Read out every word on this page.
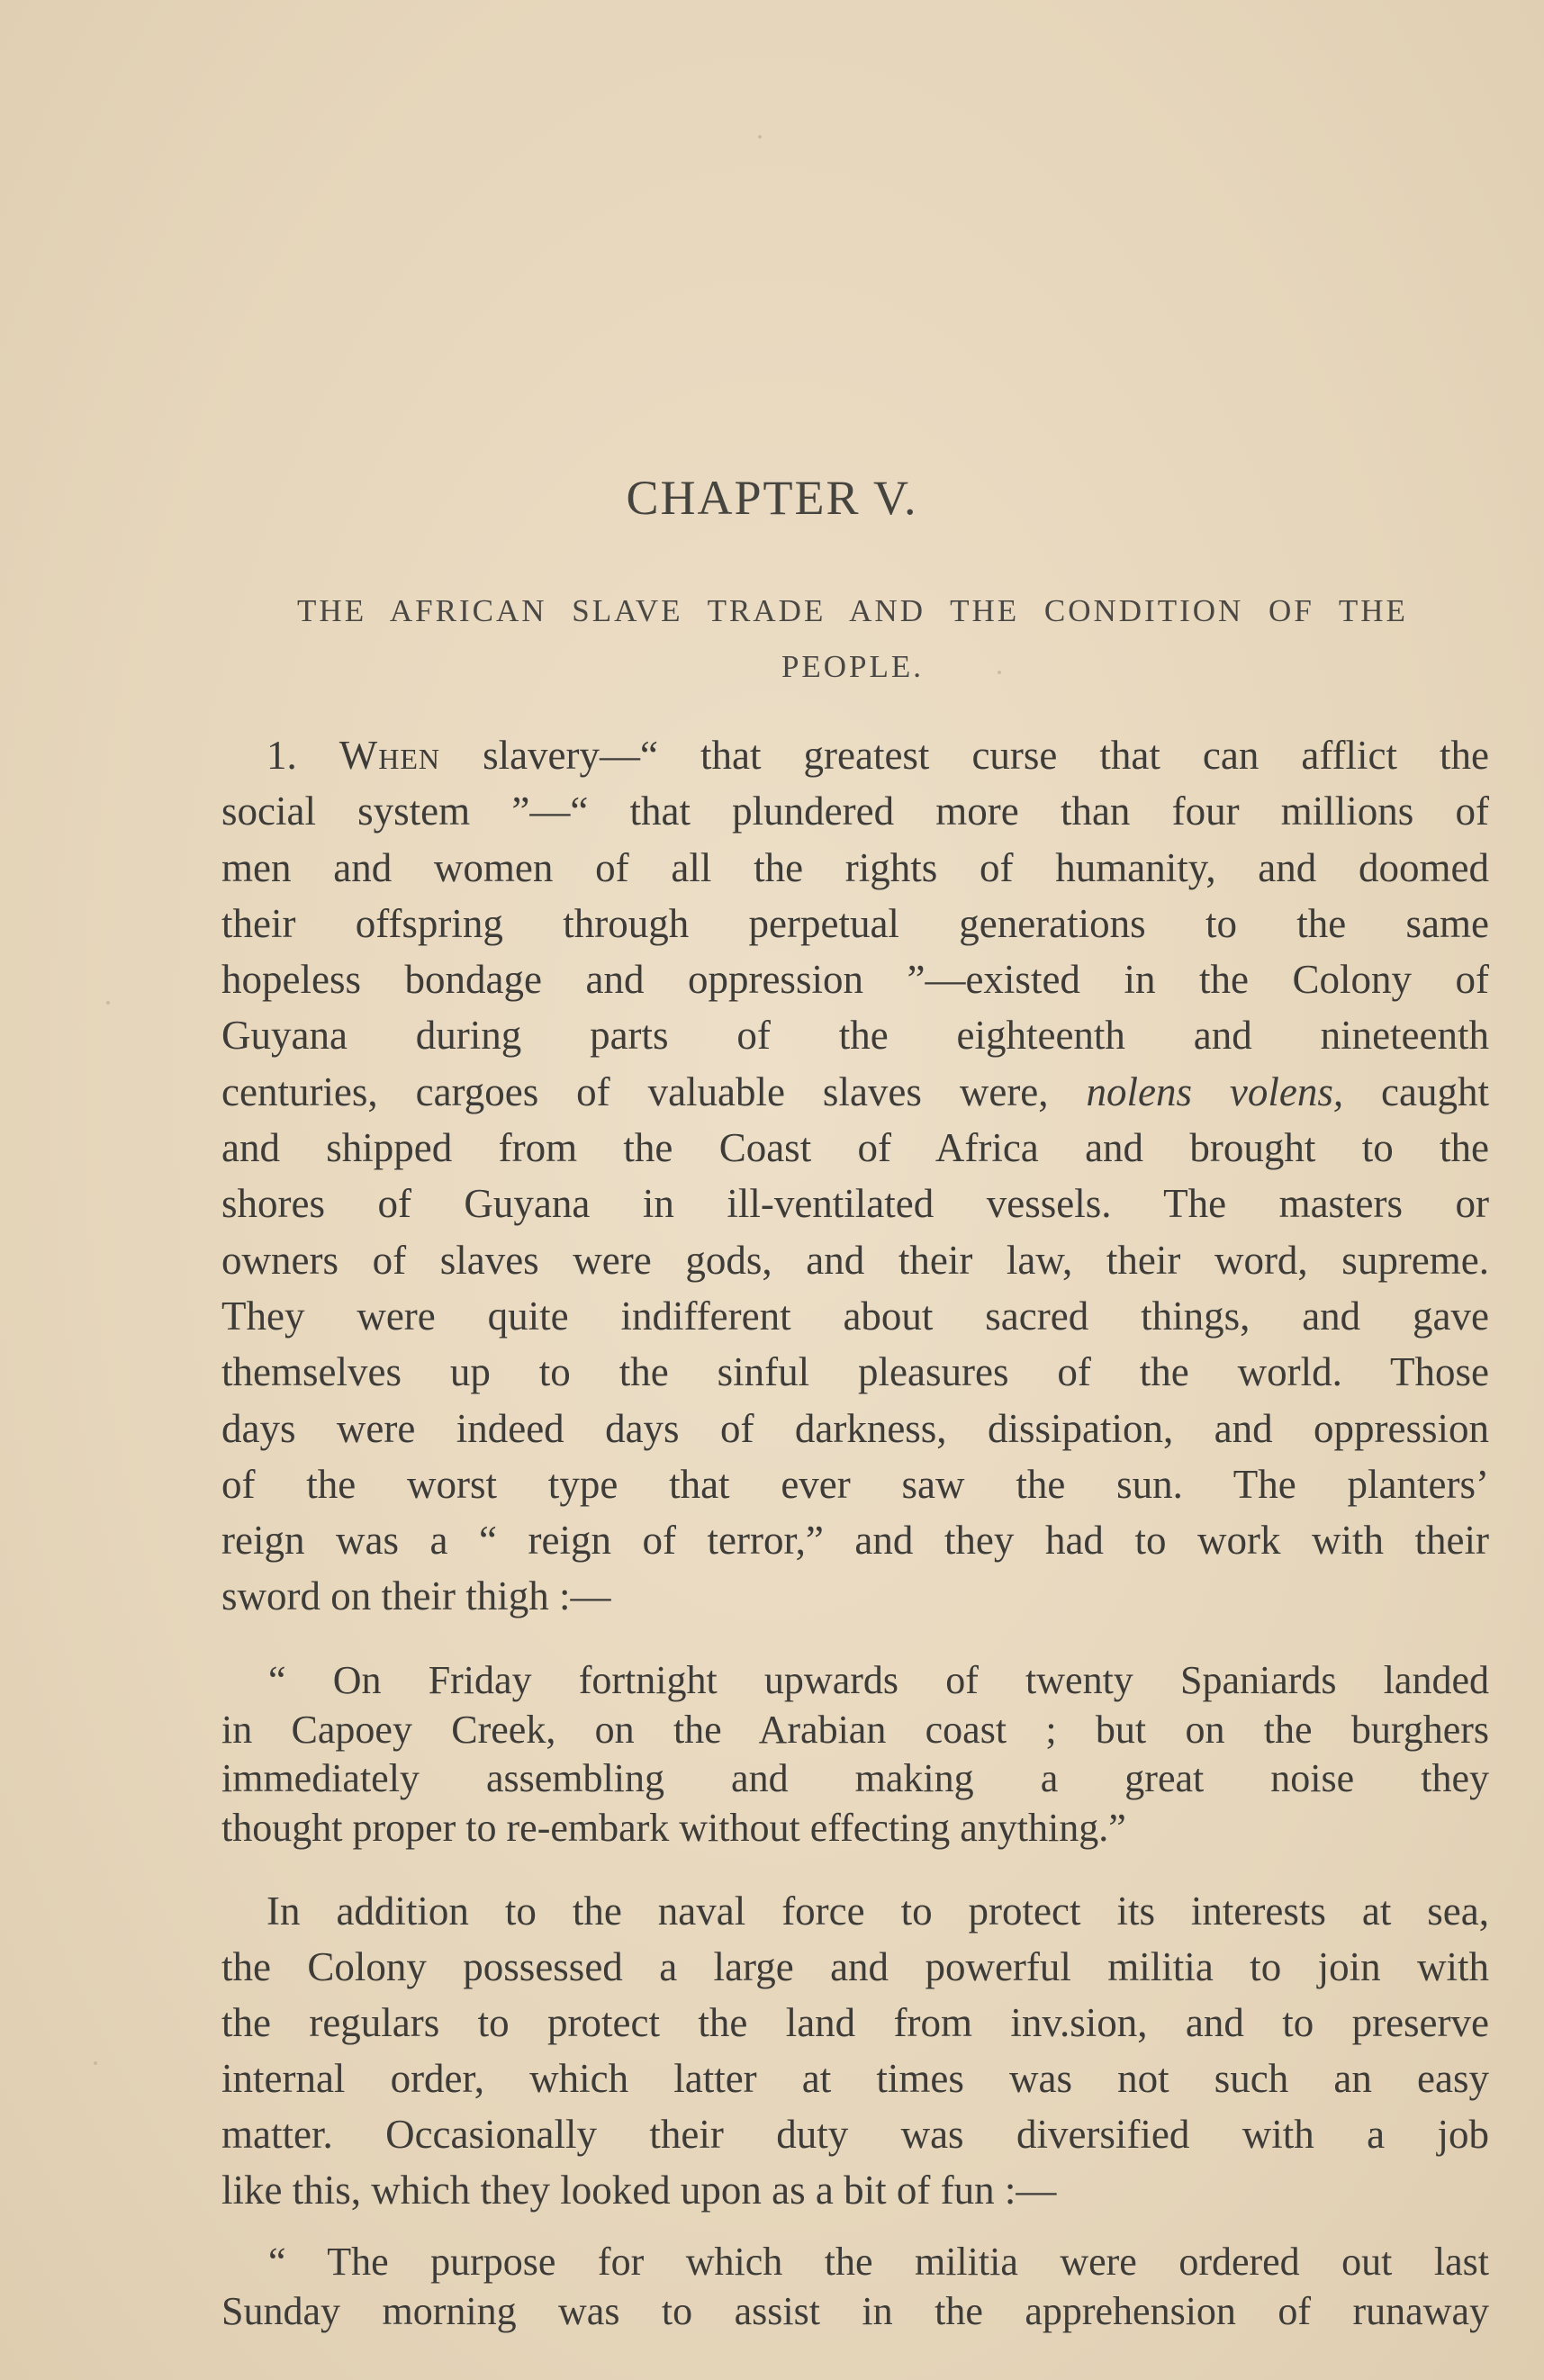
CHAPTER V.
THE AFRICAN SLAVE TRADE AND THE CONDITION OF THE
PEOPLE.
1. When slavery—“ that greatest curse that can afflict the
social system ”—“ that plundered more than four millions of
men and women of all the rights of humanity, and doomed
their offspring through perpetual generations to the same
hopeless bondage and oppression ”—existed in the Colony of
Guyana during parts of the eighteenth and nineteenth
centuries, cargoes of valuable slaves were, nolens volens, caught
and shipped from the Coast of Africa and brought to the
shores of Guyana in ill-ventilated vessels. The masters or
owners of slaves were gods, and their law, their word, supreme.
They were quite indifferent about sacred things, and gave
themselves up to the sinful pleasures of the world. Those
days were indeed days of darkness, dissipation, and oppression
of the worst type that ever saw the sun. The planters’
reign was a “ reign of terror,” and they had to work with their
sword on their thigh :—
“ On Friday fortnight upwards of twenty Spaniards landed
in Capoey Creek, on the Arabian coast ; but on the burghers
immediately assembling and making a great noise they
thought proper to re-embark without effecting anything.”
In addition to the naval force to protect its interests at sea,
the Colony possessed a large and powerful militia to join with
the regulars to protect the land from inv.sion, and to preserve
internal order, which latter at times was not such an easy
matter. Occasionally their duty was diversified with a job
like this, which they looked upon as a bit of fun :—
“ The purpose for which the militia were ordered out last
Sunday morning was to assist in the apprehension of runaway
